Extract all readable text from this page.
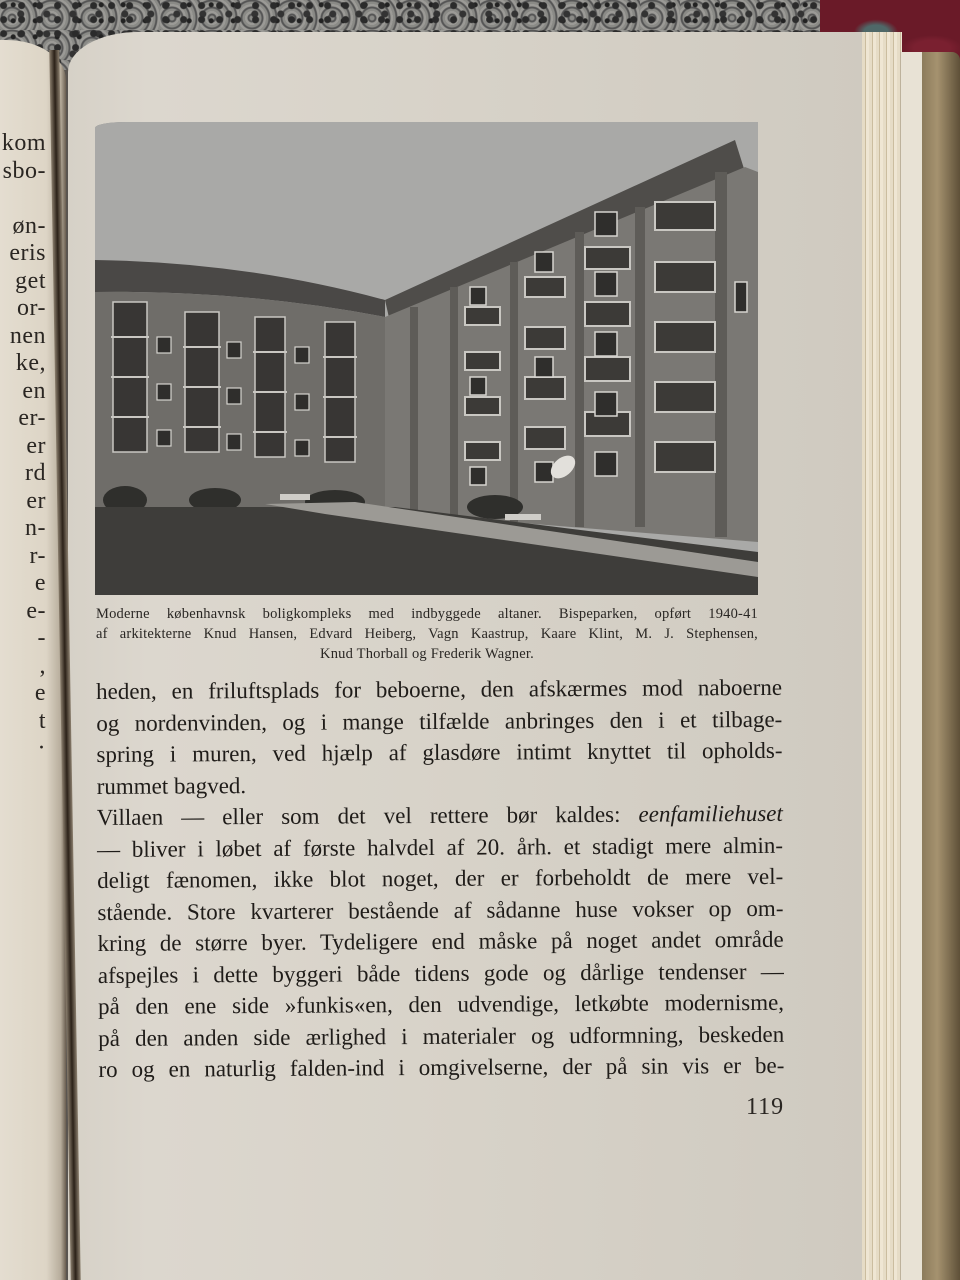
kom
sbo-
øn-
eris
get
or-
nen
ke,
en
er-
er
rd
er
n-
r-
e
e-
-
,
e
t
·
Moderne københavnsk boligkompleks med indbyggede altaner. Bispeparken, opført 1940-41
af arkitekterne Knud Hansen, Edvard Heiberg, Vagn Kaastrup, Kaare Klint, M. J. Stephensen,
Knud Thorball og Frederik Wagner.
heden, en friluftsplads for beboerne, den afskærmes mod naboerne
og nordenvinden, og i mange tilfælde anbringes den i et tilbage-
spring i muren, ved hjælp af glasdøre intimt knyttet til opholds-
rummet bagved.
Villaen — eller som det vel rettere bør kaldes: eenfamiliehuset
— bliver i løbet af første halvdel af 20. årh. et stadigt mere almin-
deligt fænomen, ikke blot noget, der er forbeholdt de mere vel-
stående. Store kvarterer bestående af sådanne huse vokser op om-
kring de større byer. Tydeligere end måske på noget andet område
afspejles i dette byggeri både tidens gode og dårlige tendenser —
på den ene side »funkis«en, den udvendige, letkøbte modernisme,
på den anden side ærlighed i materialer og udformning, beskeden
ro og en naturlig falden-ind i omgivelserne, der på sin vis er be-
119
